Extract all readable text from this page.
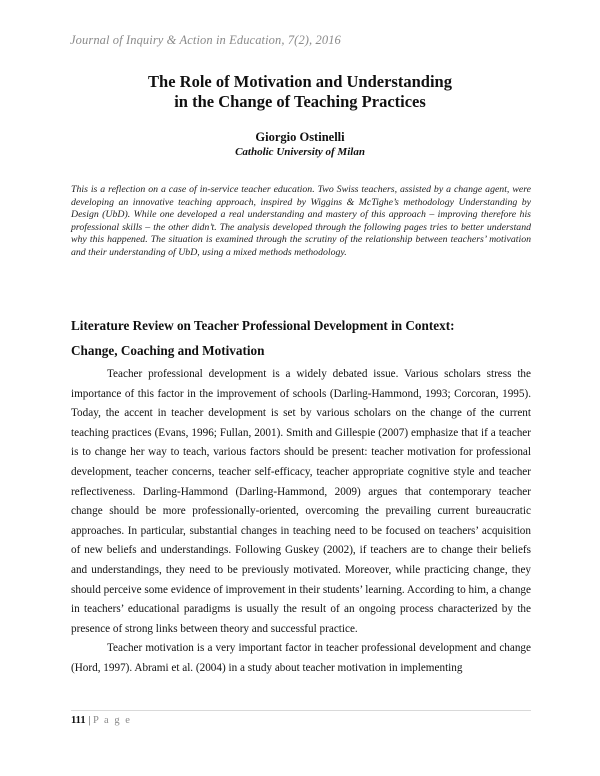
Journal of Inquiry & Action in Education, 7(2), 2016
The Role of Motivation and Understanding
in the Change of Teaching Practices
Giorgio Ostinelli
Catholic University of Milan

This is a reflection on a case of in-service teacher education. Two Swiss teachers, assisted by a change agent, were developing an innovative teaching approach, inspired by Wiggins & McTighe’s methodology Understanding by Design (UbD). While one developed a real understanding and mastery of this approach – improving therefore his professional skills – the other didn’t. The analysis developed through the following pages tries to better understand why this happened. The situation is examined through the scrutiny of the relationship between teachers’ motivation and their understanding of UbD, using a mixed methods methodology.

Literature Review on Teacher Professional Development in Context:
Change, Coaching and Motivation

Teacher professional development is a widely debated issue. Various scholars stress the importance of this factor in the improvement of schools (Darling-Hammond, 1993; Corcoran, 1995). Today, the accent in teacher development is set by various scholars on the change of the current teaching practices (Evans, 1996; Fullan, 2001). Smith and Gillespie (2007) emphasize that if a teacher is to change her way to teach, various factors should be present: teacher motivation for professional development, teacher concerns, teacher self-efficacy, teacher appropriate cognitive style and teacher reflectiveness. Darling-Hammond (Darling-Hammond, 2009) argues that contemporary teacher change should be more professionally-oriented, overcoming the prevailing current bureaucratic approaches. In particular, substantial changes in teaching need to be focused on teachers’ acquisition of new beliefs and understandings. Following Guskey (2002), if teachers are to change their beliefs and understandings, they need to be previously motivated. Moreover, while practicing change, they should perceive some evidence of improvement in their students’ learning. According to him, a change in teachers’ educational paradigms is usually the result of an ongoing process characterized by the presence of strong links between theory and successful practice.

Teacher motivation is a very important factor in teacher professional development and change (Hord, 1997). Abrami et al. (2004) in a study about teacher motivation in implementing

111 | P a g e
